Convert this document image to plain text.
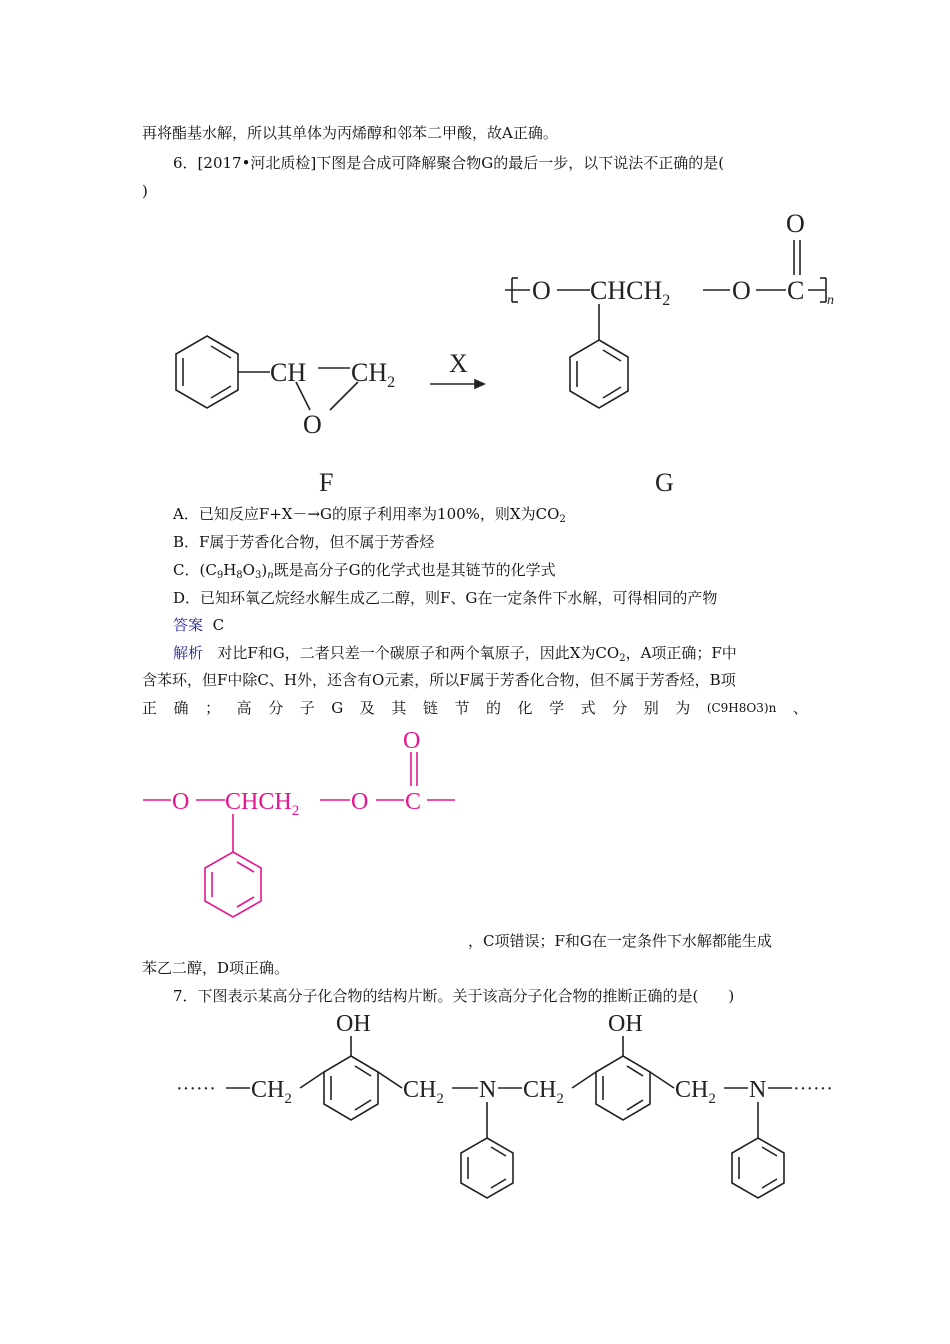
再将酯基水解，所以其单体为丙烯醇和邻苯二甲酸，故A正确。
6．[2017•河北质检]下图是合成可降解聚合物G的最后一步，以下说法不正确的是(
)
A．已知反应F+X－→G的原子利用率为100%，则X为$CO_2$
B．F属于芳香化合物，但不属于芳香烃
C．$(C_9H_8O_3)_n$既是高分子G的化学式也是其链节的化学式
D．已知环氧乙烷经水解生成乙二醇，则F、G在一定条件下水解，可得相同的产物
答案 C
解析 对比F和G，二者只差一个碳原子和两个氧原子，因此X为$CO_2$，A项正确；F中
含苯环，但F中除C、H外，还含有O元素，所以F属于芳香化合物，但不属于芳香烃，B项
正 确 ； 高 分 子 G 及 其 链 节 的 化 学 式 分 别 为 (C9H8O3)n 、
，C项错误；F和G在一定条件下水解都能生成
苯乙二醇，D项正确。
7．下图表示某高分子化合物的结构片断。关于该高分子化合物的推断正确的是(　　)
CH $CH_2$
O
X
F	G
O $CHCH_2$ O C
O
n
O $CHCH_2$ O C
O
······ $CH_2$
OH
$CH_2$ N $CH_2$
OH
$CH_2$ N ······
